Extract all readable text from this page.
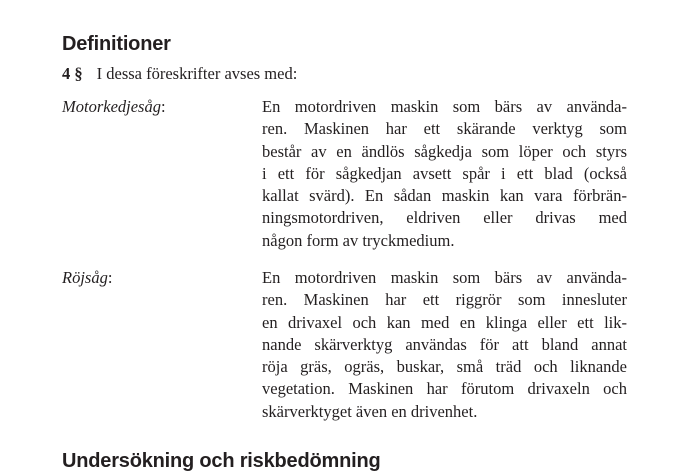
Definitioner
4 § I dessa föreskrifter avses med:
Motorkedjesåg:	En motordriven maskin som bärs av användа-
ren. Maskinen har ett skärande verktyg som
består av en ändlös sågkedja som löper och styrs
i ett för sågkedjan avsett spår i ett blad (också
kallat svärd). En sådan maskin kan vara förbrän-
ningsmotordriven, eldriven eller drivas med
någon form av tryckmedium.
Röjsåg:	En motordriven maskin som bärs av användа-
ren. Maskinen har ett riggrör som innesluter
en drivaxel och kan med en klinga eller ett lik-
nande skärverktyg användas för att bland annat
röja gräs, ogräs, buskar, små träd och liknande
vegetation. Maskinen har förutom drivaxeln och
skärverktyget även en drivenhet.
Undersökning och riskbedömning
